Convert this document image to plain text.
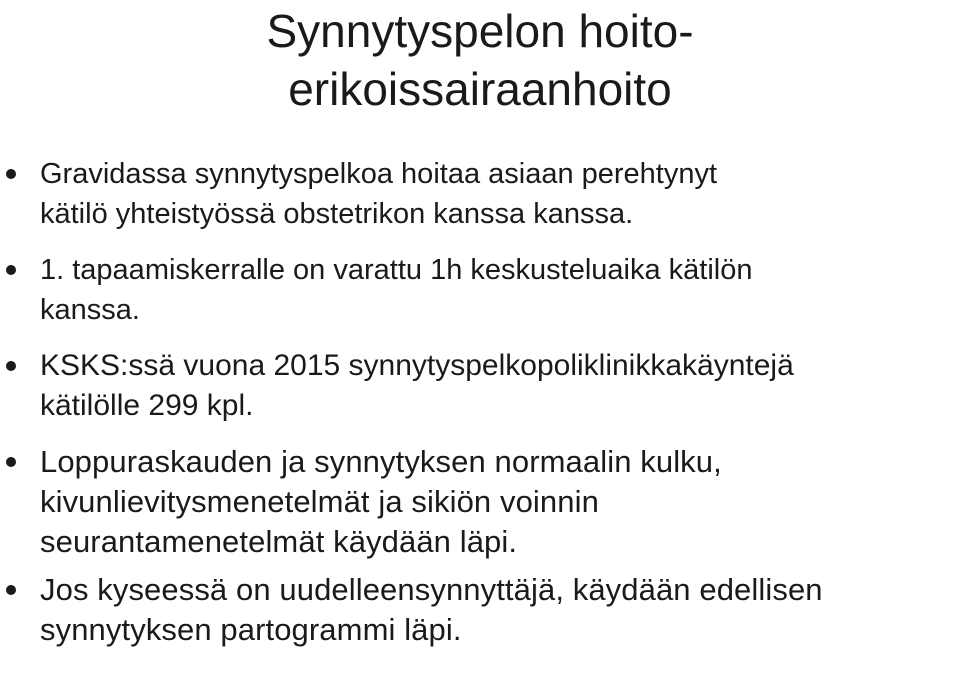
Synnytyspelon hoito-
erikoissairaanhoito
Gravidassa synnytyspelkoa hoitaa asiaan perehtynyt
kätilö yhteistyössä obstetrikon kanssa kanssa.
1. tapaamiskerralle on varattu 1h keskusteluaika kätilön
kanssa.
KSKS:ssä vuona 2015 synnytyspelkopoliklinikkakäyntejä
kätilölle 299 kpl.
Loppuraskauden ja synnytyksen normaalin kulku,
kivunlievitysmenetelmät ja sikiön voinnin
seurantamenetelmät käydään läpi.
Jos kyseessä on uudelleensynnyttäjä, käydään edellisen
synnytyksen partogrammi läpi.
